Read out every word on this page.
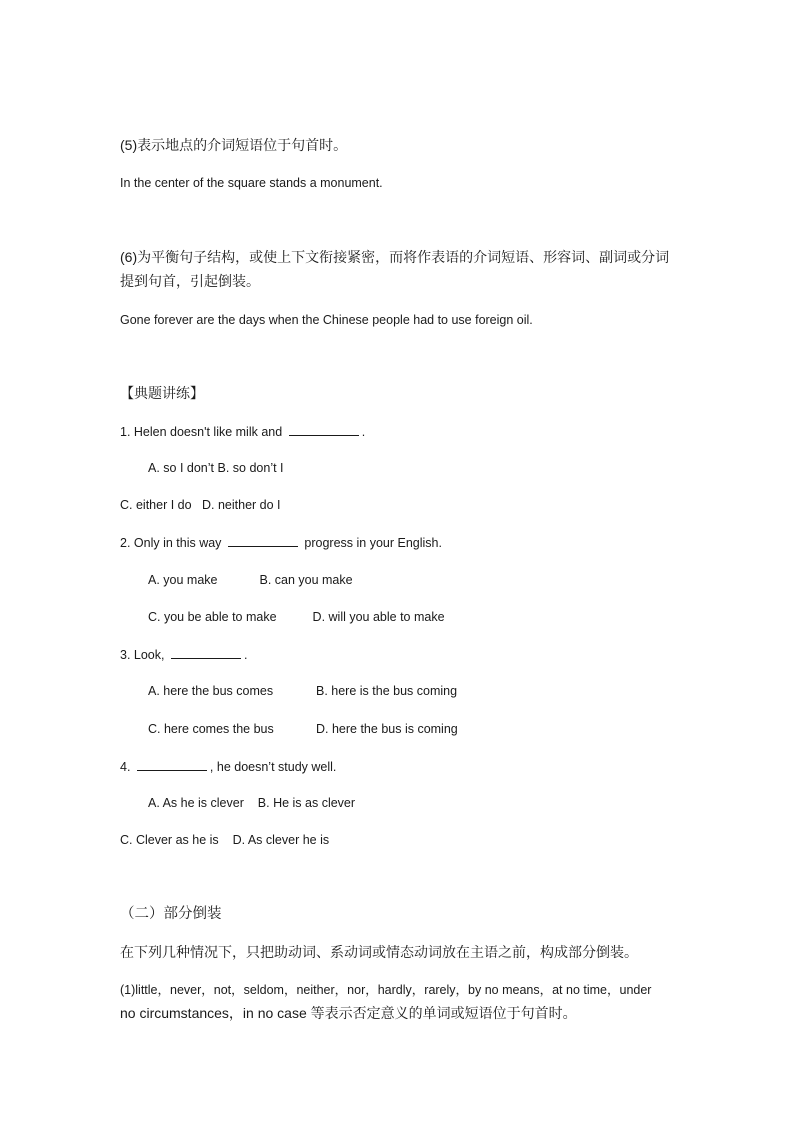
(5)表示地点的介词短语位于句首时。
In the center of the square stands a monument.
(6)为平衡句子结构，或使上下文衔接紧密，而将作表语的介词短语、形容词、副词或分词
提到句首，引起倒装。
Gone forever are the days when the Chinese people had to use foreign oil.
【典题讲练】
1. Helen doesn't like milk and	.
A. so I don’t B. so don’t I
C. either I do D. neither do I
2. Only in this way	progress in your English.
A. you make	B. can you make
C. you be able to make	D. will you able to make
3. Look,	.
A. here the bus comes	B. here is the bus coming
C. here comes the bus	D. here the bus is coming
4.	, he doesn’t study well.
A. As he is clever B. He is as clever
C. Clever as he is D. As clever he is
（二）部分倒装
在下列几种情况下，只把助动词、系动词或情态动词放在主语之前，构成部分倒装。
(1)little，never，not，seldom，neither，nor，hardly，rarely，by no means，at no time，under
no circumstances，in no case 等表示否定意义的单词或短语位于句首时。
